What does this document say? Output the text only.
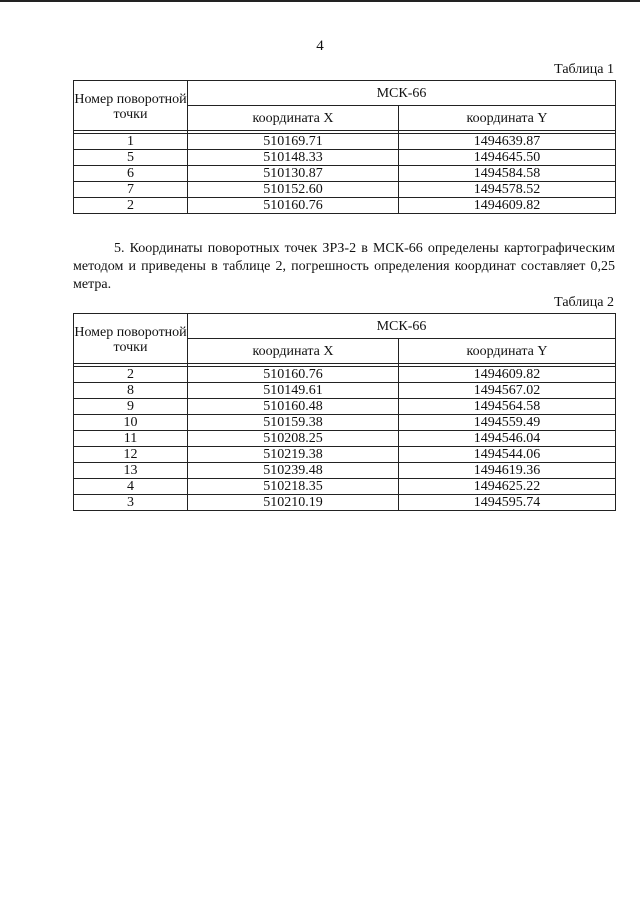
4
Таблица 1
Номер поворотной точки	МСК-66	
	координата X	координата Y

1	510169.71	1494639.87
5	510148.33	1494645.50
6	510130.87	1494584.58
7	510152.60	1494578.52
2	510160.76	1494609.82
5. Координаты поворотных точек ЗРЗ-2 в МСК-66 определены картографическим методом и приведены в таблице 2, погрешность определения координат составляет 0,25 метра.
Таблица 2
Номер поворотной точки	МСК-66	
	координата X	координата Y

2	510160.76	1494609.82
8	510149.61	1494567.02
9	510160.48	1494564.58
10	510159.38	1494559.49
11	510208.25	1494546.04
12	510219.38	1494544.06
13	510239.48	1494619.36
4	510218.35	1494625.22
3	510210.19	1494595.74
